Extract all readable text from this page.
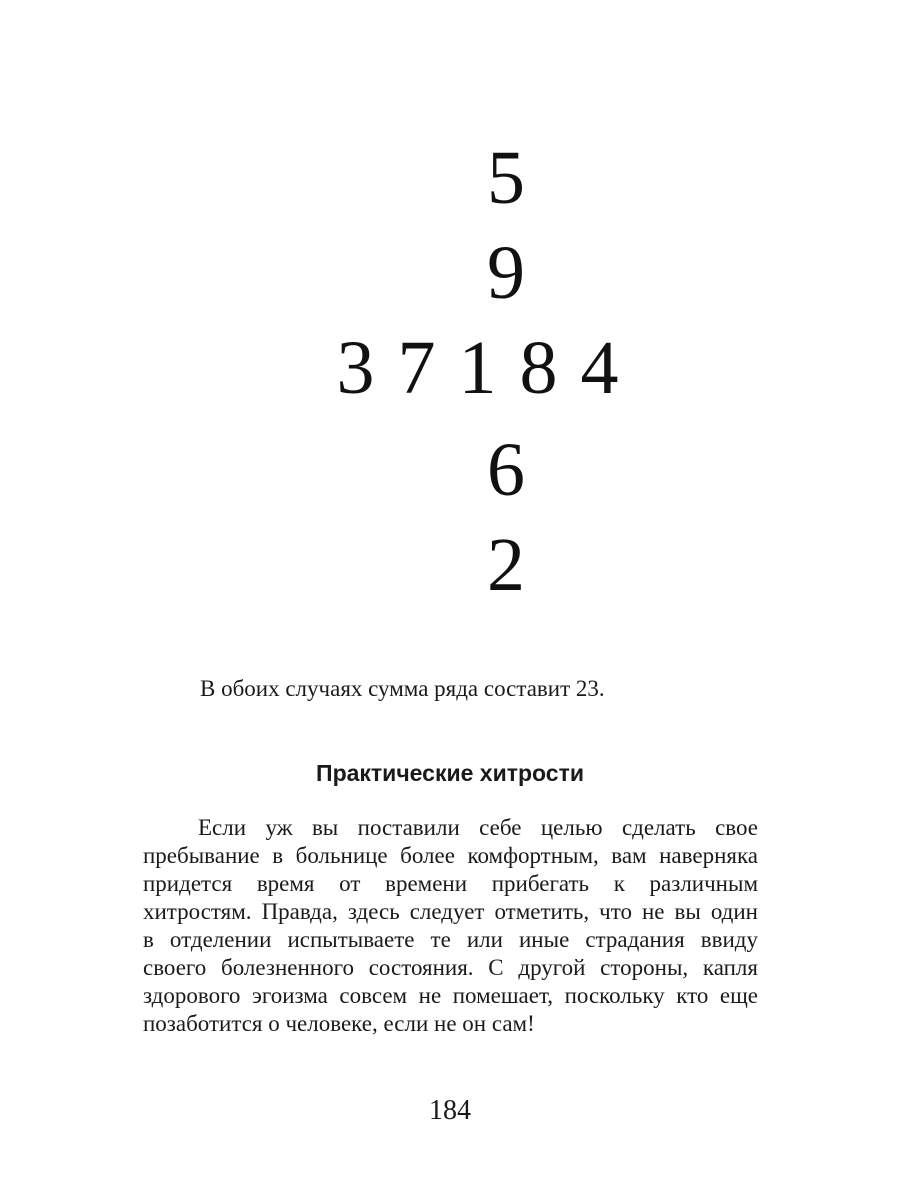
5
9
3 7 1 8 4
6
2
В обоих случаях сумма ряда составит 23.
Практические хитрости
Если уж вы поставили себе целью сделать свое
пребывание в больнице более комфортным, вам наверняка
придется время от времени прибегать к различным
хитростям. Правда, здесь следует отметить, что не вы один
в отделении испытываете те или иные страдания ввиду
своего болезненного состояния. С другой стороны, капля
здорового эгоизма совсем не помешает, поскольку кто еще
позаботится о человеке, если не он сам!
184
